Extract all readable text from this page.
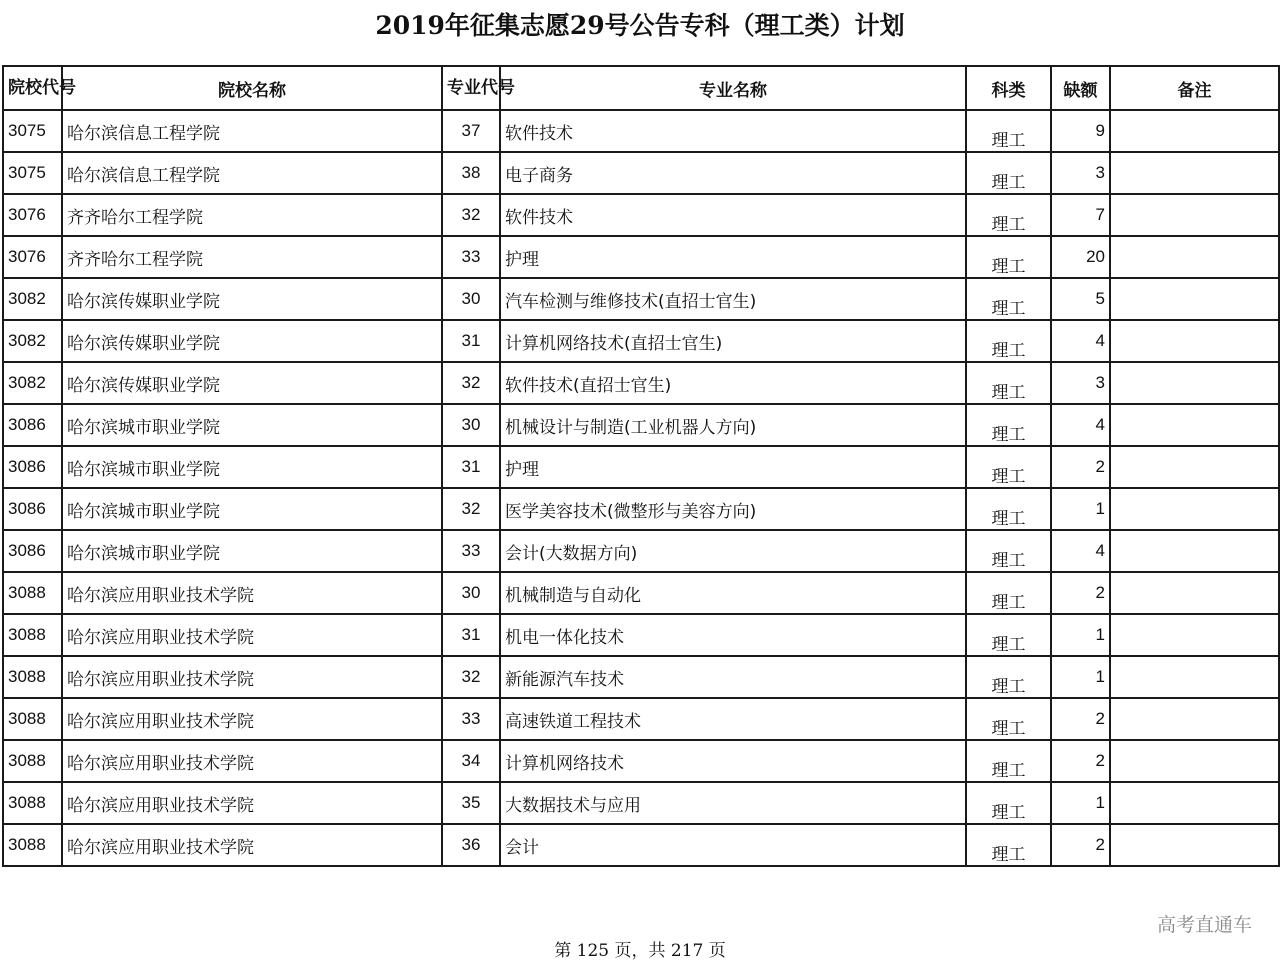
2019年征集志愿29号公告专科（理工类）计划
院校代号	院校名称	专业代号	专业名称	科类	缺额	备注
3075	哈尔滨信息工程学院	37	软件技术	理工	9	
3075	哈尔滨信息工程学院	38	电子商务	理工	3	
3076	齐齐哈尔工程学院	32	软件技术	理工	7	
3076	齐齐哈尔工程学院	33	护理	理工	20	
3082	哈尔滨传媒职业学院	30	汽车检测与维修技术(直招士官生)	理工	5	
3082	哈尔滨传媒职业学院	31	计算机网络技术(直招士官生)	理工	4	
3082	哈尔滨传媒职业学院	32	软件技术(直招士官生)	理工	3	
3086	哈尔滨城市职业学院	30	机械设计与制造(工业机器人方向)	理工	4	
3086	哈尔滨城市职业学院	31	护理	理工	2	
3086	哈尔滨城市职业学院	32	医学美容技术(微整形与美容方向)	理工	1	
3086	哈尔滨城市职业学院	33	会计(大数据方向)	理工	4	
3088	哈尔滨应用职业技术学院	30	机械制造与自动化	理工	2	
3088	哈尔滨应用职业技术学院	31	机电一体化技术	理工	1	
3088	哈尔滨应用职业技术学院	32	新能源汽车技术	理工	1	
3088	哈尔滨应用职业技术学院	33	高速铁道工程技术	理工	2	
3088	哈尔滨应用职业技术学院	34	计算机网络技术	理工	2	
3088	哈尔滨应用职业技术学院	35	大数据技术与应用	理工	1	
3088	哈尔滨应用职业技术学院	36	会计	理工	2	
高考直通车
第 125 页，共 217 页
